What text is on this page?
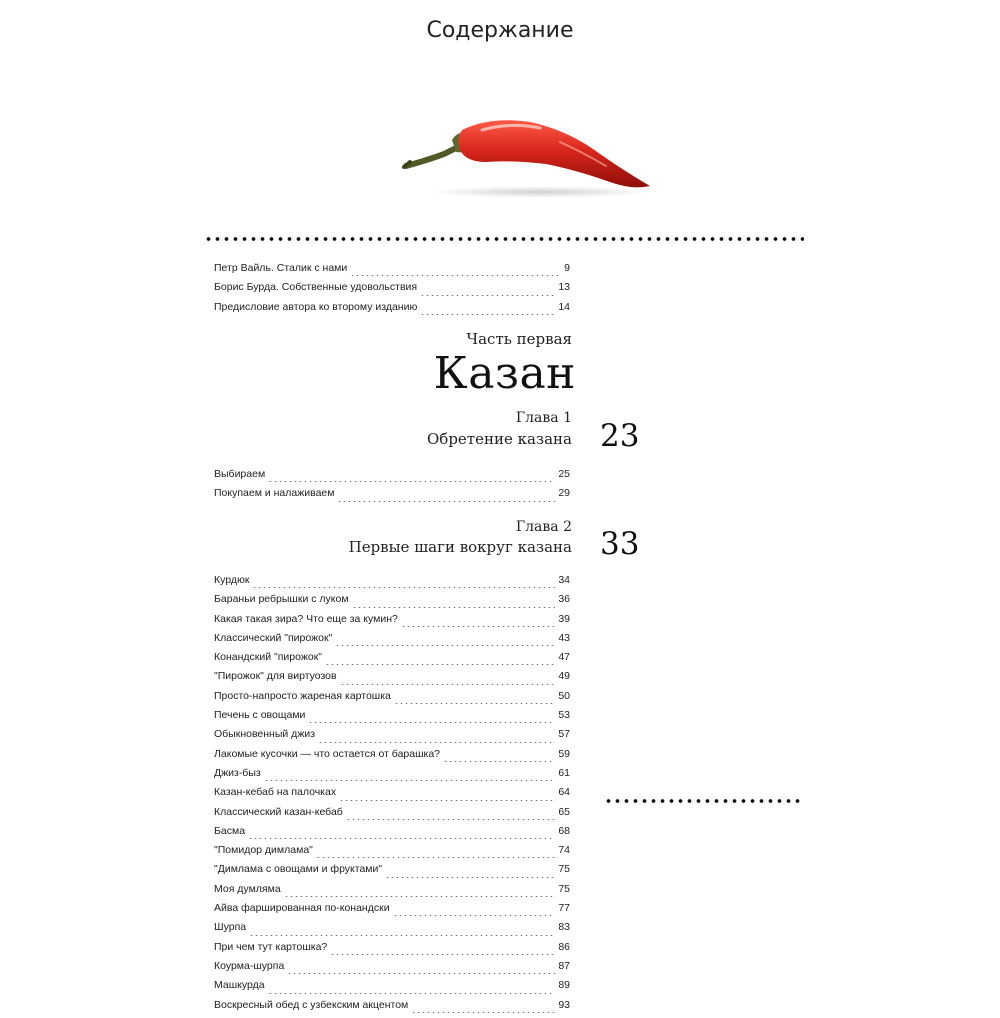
Содержание
Петр Вайль. Сталик с нами	9
Борис Бурда. Собственные удовольствия	13
Предисловие автора ко второму изданию	14
Часть первая
Казан
Глава 1
Обретение казана 23
Выбираем	25
Покупаем и налаживаем	29
Глава 2
Первые шаги вокруг казана 33
Курдюк	34
Бараньи ребрышки с луком	36
Какая такая зира? Что еще за кумин?	39
Классический "пирожок"	43
Конандский "пирожок"	47
"Пирожок" для виртуозов	49
Просто-напросто жареная картошка	50
Печень с овощами	53
Обыкновенный джиз	57
Лакомые кусочки — что остается от барашка?	59
Джиз-быз	61
Казан-кебаб на палочках	64
Классический казан-кебаб	65
Басма	68
"Помидор димлама"	74
"Димлама с овощами и фруктами"	75
Моя думляма	75
Айва фаршированная по-конандски	77
Шурпа	83
При чем тут картошка?	86
Коурма-шурпа	87
Машкурда	89
Воскресный обед с узбекским акцентом	93
